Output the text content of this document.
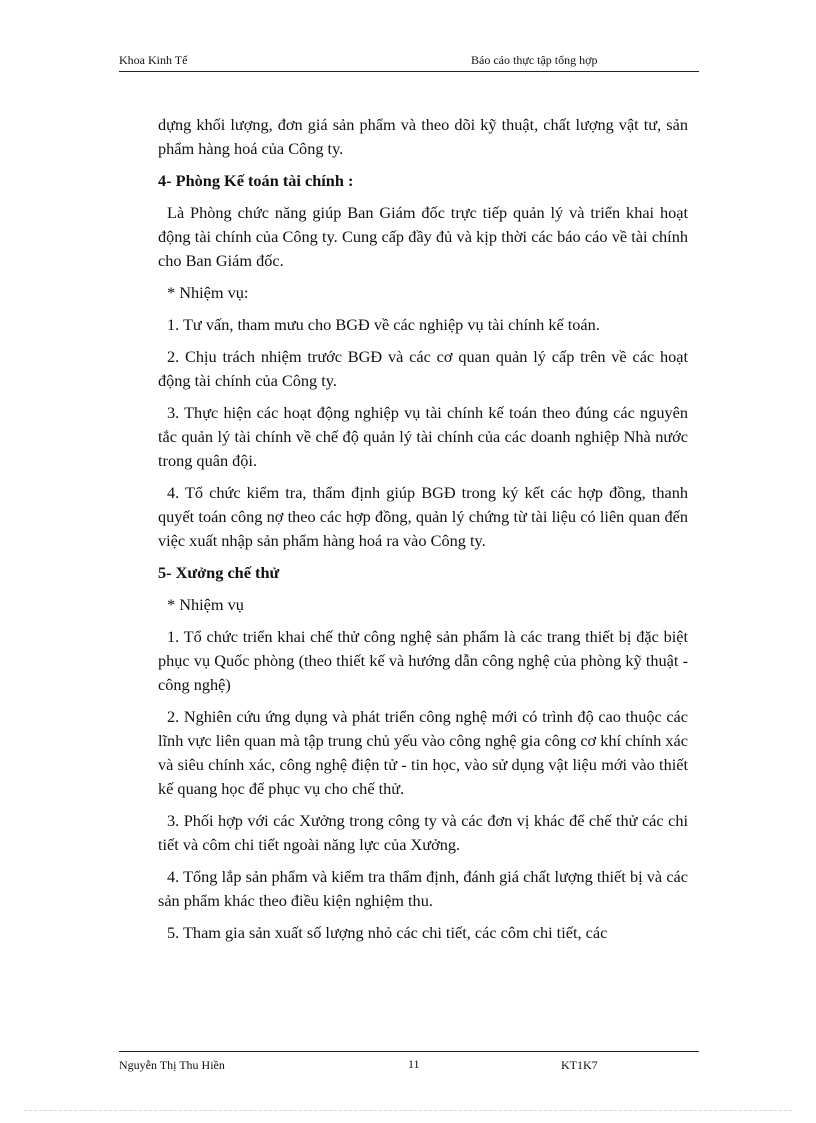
Khoa Kinh Tế	Báo cáo thực tập tổng hợp

dựng khối lượng, đơn giá sản phẩm và theo dõi kỹ thuật, chất lượng vật tư, sản phẩm hàng hoá của Công ty.

4- Phòng Kế toán tài chính :

Là Phòng chức năng giúp Ban Giám đốc trực tiếp quản lý và triển khai hoạt động tài chính của Công ty. Cung cấp đầy đủ và kịp thời các báo cáo về tài chính cho Ban Giám đốc.

* Nhiệm vụ:

1. Tư vấn, tham mưu cho BGĐ về các nghiệp vụ tài chính kế toán.

2. Chịu trách nhiệm trước BGĐ và các cơ quan quản lý cấp trên về các hoạt động tài chính của Công ty.

3. Thực hiện các hoạt động nghiệp vụ tài chính kế toán theo đúng các nguyên tắc quản lý tài chính về chế độ quản lý tài chính của các doanh nghiệp Nhà nước trong quân đội.

4. Tổ chức kiểm tra, thẩm định giúp BGĐ trong ký kết các hợp đồng, thanh quyết toán công nợ theo các hợp đồng, quản lý chứng từ tài liệu có liên quan đến việc xuất nhập sản phẩm hàng hoá ra vào Công ty.

5- Xưởng chế thử

* Nhiệm vụ

1. Tổ chức triển khai chế thử công nghệ sản phẩm là các trang thiết bị đặc biệt phục vụ Quốc phòng (theo thiết kế và hướng dẫn công nghệ của phòng kỹ thuật - công nghệ)

2. Nghiên cứu ứng dụng và phát triển công nghệ mới có trình độ cao thuộc các lĩnh vực liên quan mà tập trung chủ yếu vào công nghệ gia công cơ khí chính xác và siêu chính xác, công nghệ điện tử - tin học, vào sử dụng vật liệu mới vào thiết kế quang học để phục vụ cho chế thử.

3. Phối hợp với các Xưởng trong công ty và các đơn vị khác để chế thử các chi tiết và côm chi tiết ngoài năng lực của Xưởng.

4. Tổng lắp sản phẩm và kiểm tra thẩm định, đánh giá chất lượng thiết bị và các sản phẩm khác theo điều kiện nghiệm thu.

5. Tham gia sản xuất số lượng nhỏ các chi tiết, các côm chi tiết, các

Nguyễn Thị Thu Hiền	11	KT1K7
